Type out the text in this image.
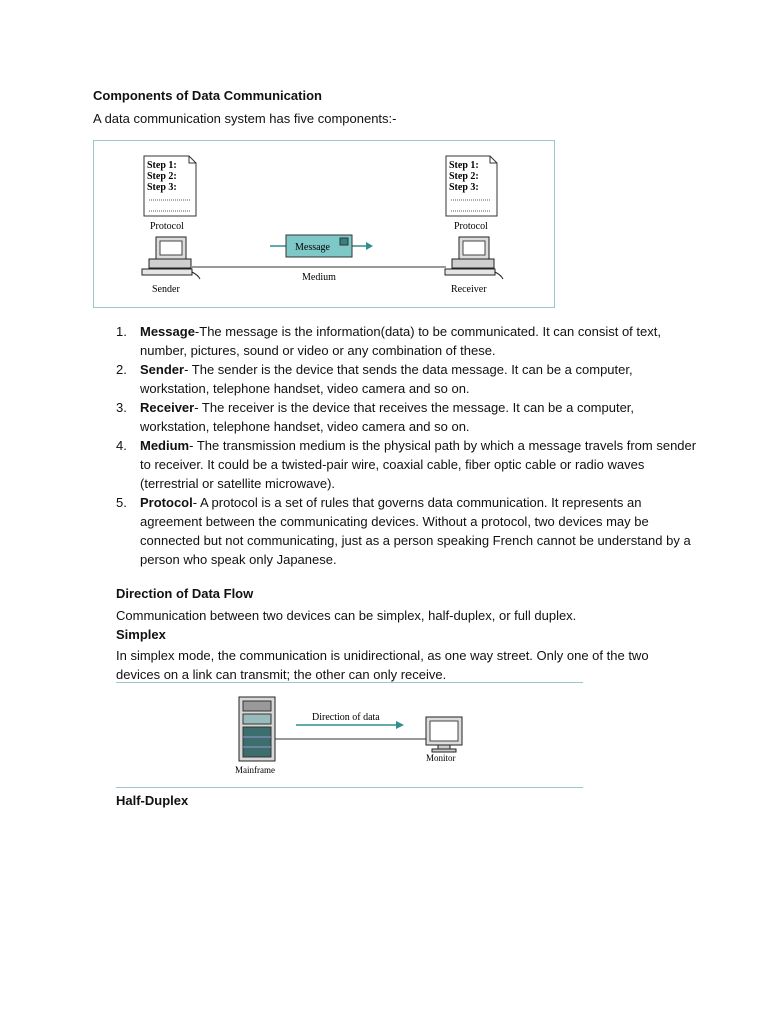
Components of Data Communication
A data communication system has five components:-
Step 1:
Step 2:
Step 3:
Protocol
Step 1:
Step 2:
Step 3:
Protocol
Sender	Receiver
Medium
Message
1. Message-The message is the information(data) to be communicated. It can consist of text, number, pictures, sound or video or any combination of these.
2. Sender- The sender is the device that sends the data message. It can be a computer, workstation, telephone handset, video camera and so on.
3. Receiver- The receiver is the device that receives the message. It can be a computer, workstation, telephone handset, video camera and so on.
4. Medium- The transmission medium is the physical path by which a message travels from sender to receiver. It could be a twisted-pair wire, coaxial cable, fiber optic cable or radio waves (terrestrial or satellite microwave).
5. Protocol- A protocol is a set of rules that governs data communication. It represents an agreement between the communicating devices. Without a protocol, two devices may be connected but not communicating, just as a person speaking French cannot be understand by a person who speak only Japanese.
Direction of Data Flow
Communication between two devices can be simplex, half-duplex, or full duplex.
Simplex
In simplex mode, the communication is unidirectional, as one way street. Only one of the two devices on a link can transmit; the other can only receive.
Mainframe
Direction of data
Monitor
Half-Duplex
